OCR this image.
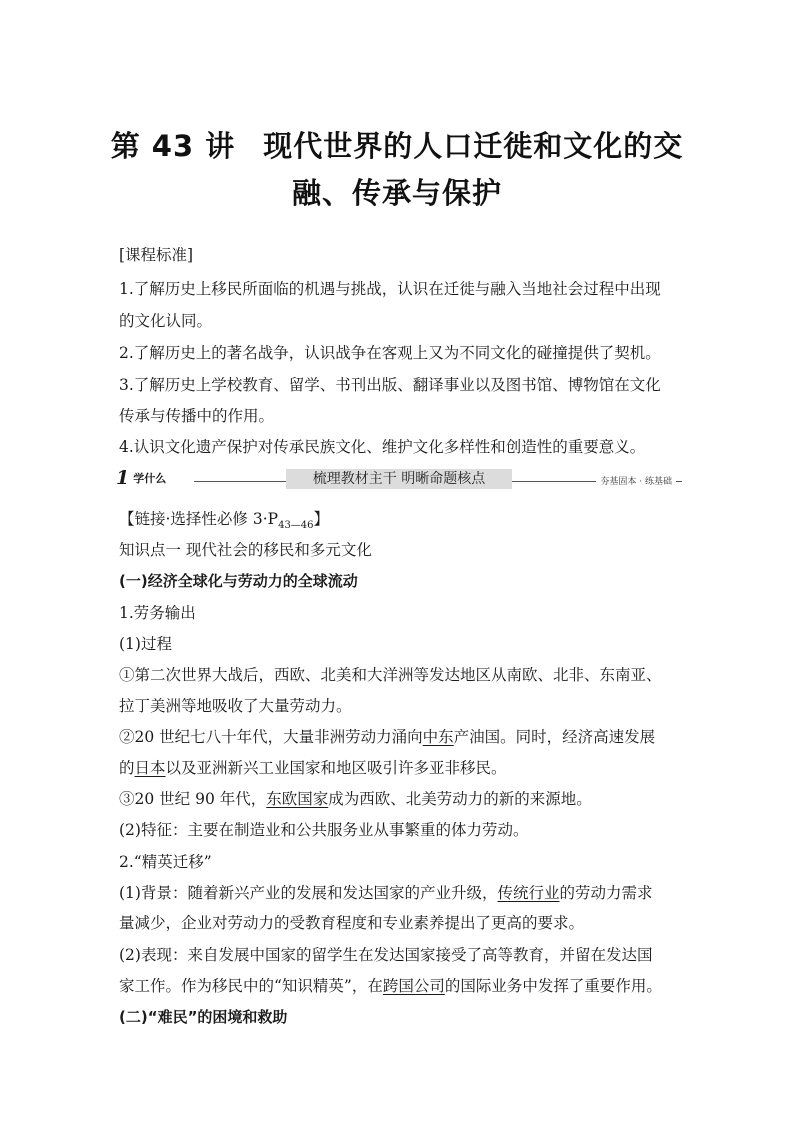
第 43 讲 现代世界的人口迁徙和文化的交
融、传承与保护
[课程标准]
1.了解历史上移民所面临的机遇与挑战，认识在迁徙与融入当地社会过程中出现
的文化认同。
2.了解历史上的著名战争，认识战争在客观上又为不同文化的碰撞提供了契机。
3.了解历史上学校教育、留学、书刊出版、翻译事业以及图书馆、博物馆在文化
传承与传播中的作用。
4.认识文化遗产保护对传承民族文化、维护文化多样性和创造性的重要意义。
1 学什么	梳理教材主干 明晰命题核点	夯基固本 · 练基础
【链接·选择性必修 $3\cdot P_{43—46}$】
知识点一 现代社会的移民和多元文化
(一)经济全球化与劳动力的全球流动
1.劳务输出
(1)过程
①第二次世界大战后，西欧、北美和大洋洲等发达地区从南欧、北非、东南亚、
拉丁美洲等地吸收了大量劳动力。
②20 世纪七八十年代，大量非洲劳动力涌向中东产油国。同时，经济高速发展
的日本以及亚洲新兴工业国家和地区吸引许多亚非移民。
③20 世纪 90 年代，东欧国家成为西欧、北美劳动力的新的来源地。
(2)特征：主要在制造业和公共服务业从事繁重的体力劳动。
2.“精英迁移”
(1)背景：随着新兴产业的发展和发达国家的产业升级，传统行业的劳动力需求
量减少，企业对劳动力的受教育程度和专业素养提出了更高的要求。
(2)表现：来自发展中国家的留学生在发达国家接受了高等教育，并留在发达国
家工作。作为移民中的“知识精英”，在跨国公司的国际业务中发挥了重要作用。
(二)“难民”的困境和救助
